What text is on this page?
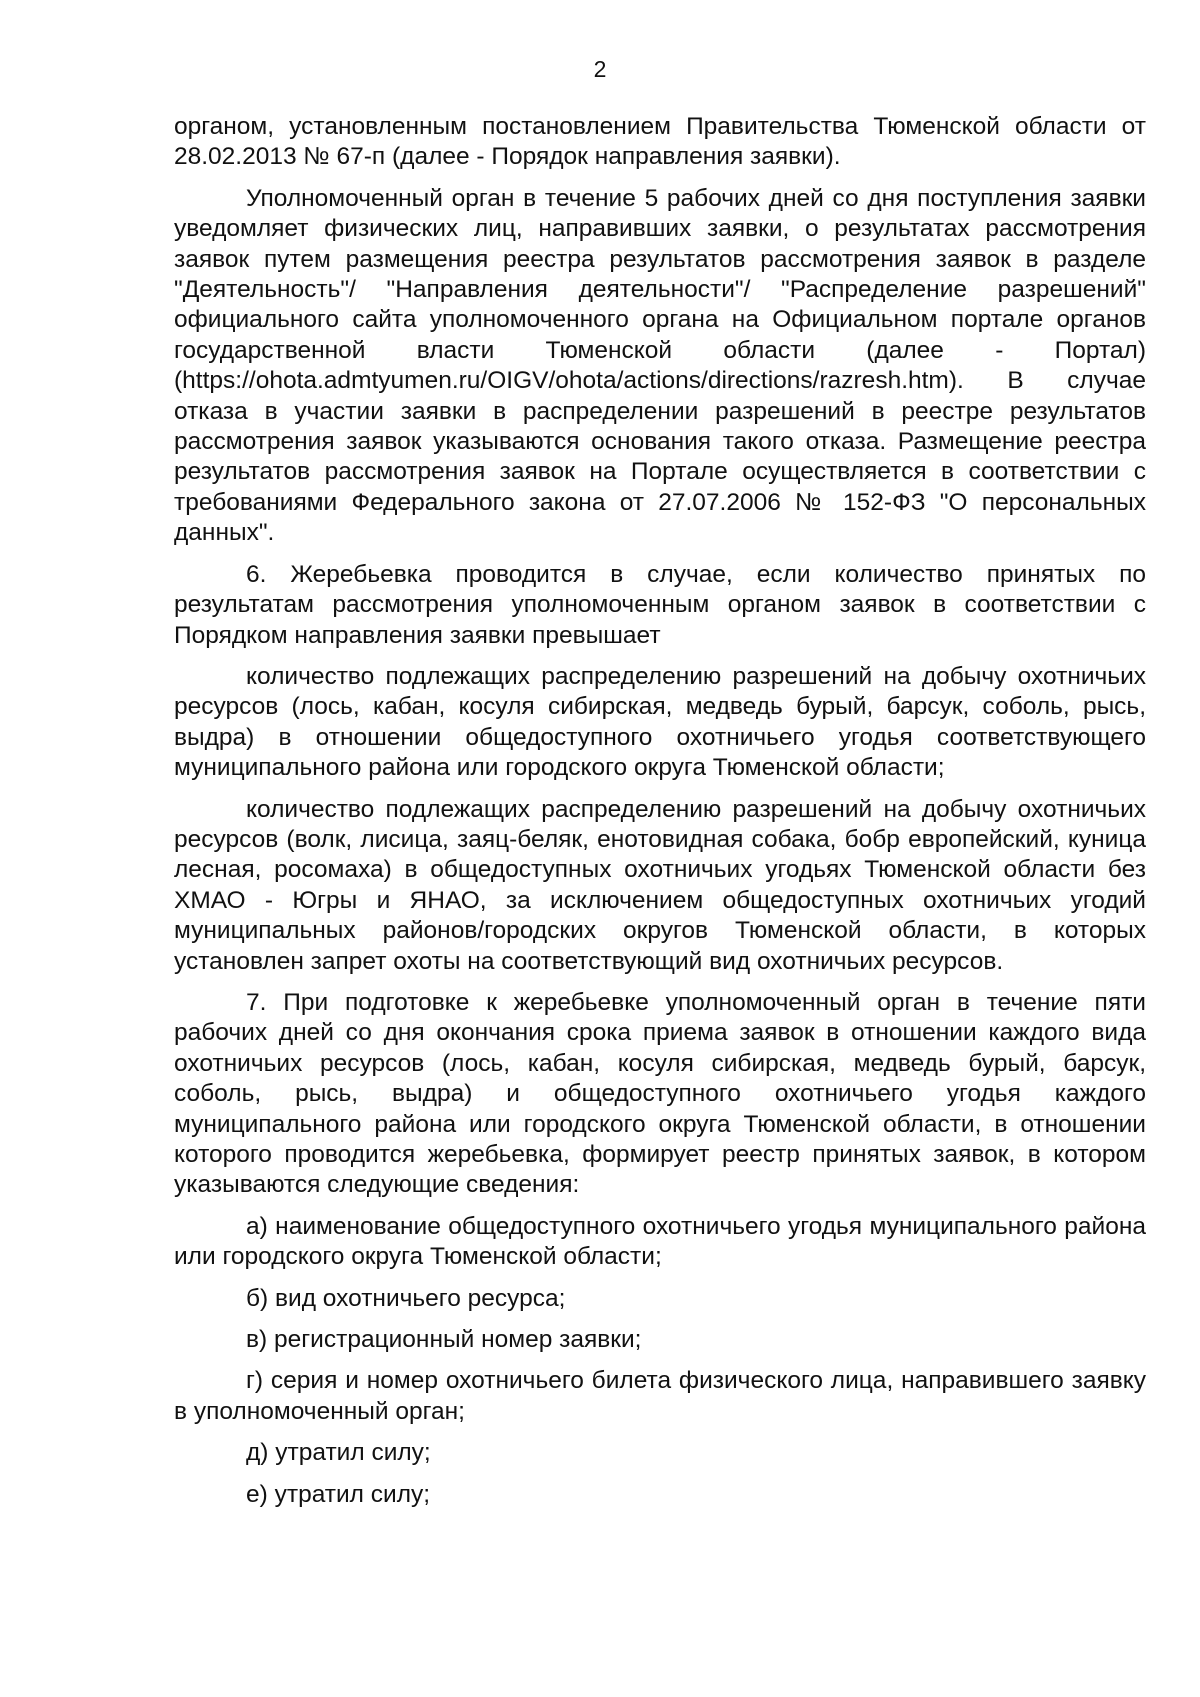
2

органом, установленным постановлением Правительства Тюменской области от 28.02.2013 № 67-п (далее - Порядок направления заявки).

Уполномоченный орган в течение 5 рабочих дней со дня поступления заявки уведомляет физических лиц, направивших заявки, о результатах рассмотрения заявок путем размещения реестра результатов рассмотрения заявок в разделе "Деятельность"/ "Направления деятельности"/ "Распределение разрешений" официального сайта уполномоченного органа на Официальном портале органов государственной власти Тюменской области (далее - Портал) (https://ohota.admtyumen.ru/OIGV/ohota/actions/directions/razresh.htm). В случае отказа в участии заявки в распределении разрешений в реестре результатов рассмотрения заявок указываются основания такого отказа. Размещение реестра результатов рассмотрения заявок на Портале осуществляется в соответствии с требованиями Федерального закона от 27.07.2006 № 152-ФЗ "О персональных данных".

6. Жеребьевка проводится в случае, если количество принятых по результатам рассмотрения уполномоченным органом заявок в соответствии с Порядком направления заявки превышает

количество подлежащих распределению разрешений на добычу охотничьих ресурсов (лось, кабан, косуля сибирская, медведь бурый, барсук, соболь, рысь, выдра) в отношении общедоступного охотничьего угодья соответствующего муниципального района или городского округа Тюменской области;

количество подлежащих распределению разрешений на добычу охотничьих ресурсов (волк, лисица, заяц-беляк, енотовидная собака, бобр европейский, куница лесная, росомаха) в общедоступных охотничьих угодьях Тюменской области без ХМАО - Югры и ЯНАО, за исключением общедоступных охотничьих угодий муниципальных районов/городских округов Тюменской области, в которых установлен запрет охоты на соответствующий вид охотничьих ресурсов.

7. При подготовке к жеребьевке уполномоченный орган в течение пяти рабочих дней со дня окончания срока приема заявок в отношении каждого вида охотничьих ресурсов (лось, кабан, косуля сибирская, медведь бурый, барсук, соболь, рысь, выдра) и общедоступного охотничьего угодья каждого муниципального района или городского округа Тюменской области, в отношении которого проводится жеребьевка, формирует реестр принятых заявок, в котором указываются следующие сведения:

а) наименование общедоступного охотничьего угодья муниципального района или городского округа Тюменской области;

б) вид охотничьего ресурса;

в) регистрационный номер заявки;

г) серия и номер охотничьего билета физического лица, направившего заявку в уполномоченный орган;

д) утратил силу;

е) утратил силу;
